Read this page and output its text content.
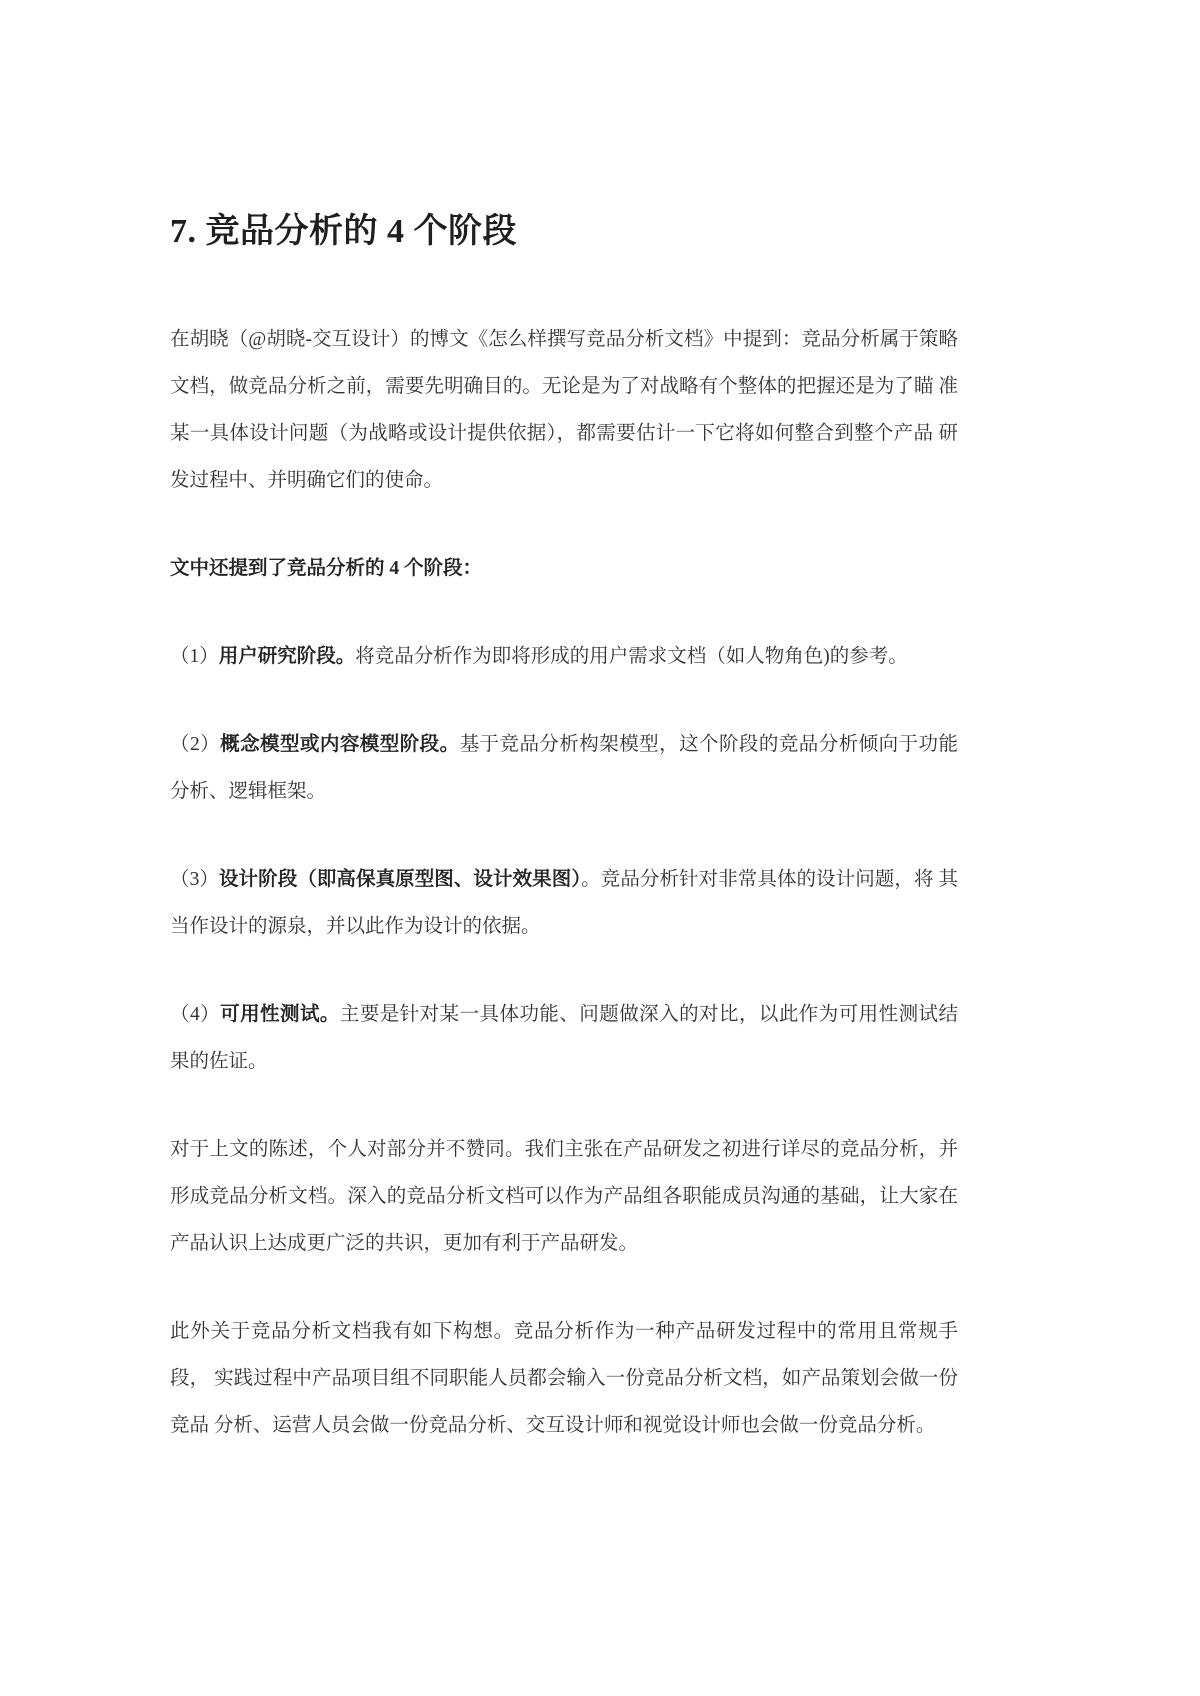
7. 竞品分析的 4 个阶段

在胡晓（@胡晓-交互设计）的博文《怎么样撰写竞品分析文档》中提到：竞品分析属于策略文档，做竞品分析之前，需要先明确目的。无论是为了对战略有个整体的把握还是为了瞄 准某一具体设计问题（为战略或设计提供依据），都需要估计一下它将如何整合到整个产品 研发过程中、并明确它们的使命。

文中还提到了竞品分析的 4 个阶段：

（1）用户研究阶段。将竞品分析作为即将形成的用户需求文档（如人物角色)的参考。

（2）概念模型或内容模型阶段。基于竞品分析构架模型，这个阶段的竞品分析倾向于功能 分析、逻辑框架。

（3）设计阶段（即高保真原型图、设计效果图）。竞品分析针对非常具体的设计问题，将 其当作设计的源泉，并以此作为设计的依据。

（4）可用性测试。主要是针对某一具体功能、问题做深入的对比，以此作为可用性测试结 果的佐证。

对于上文的陈述，个人对部分并不赞同。我们主张在产品研发之初进行详尽的竞品分析，并 形成竞品分析文档。深入的竞品分析文档可以作为产品组各职能成员沟通的基础，让大家在 产品认识上达成更广泛的共识，更加有利于产品研发。

此外关于竞品分析文档我有如下构想。竞品分析作为一种产品研发过程中的常用且常规手段， 实践过程中产品项目组不同职能人员都会输入一份竞品分析文档，如产品策划会做一份竞品 分析、运营人员会做一份竞品分析、交互设计师和视觉设计师也会做一份竞品分析。
